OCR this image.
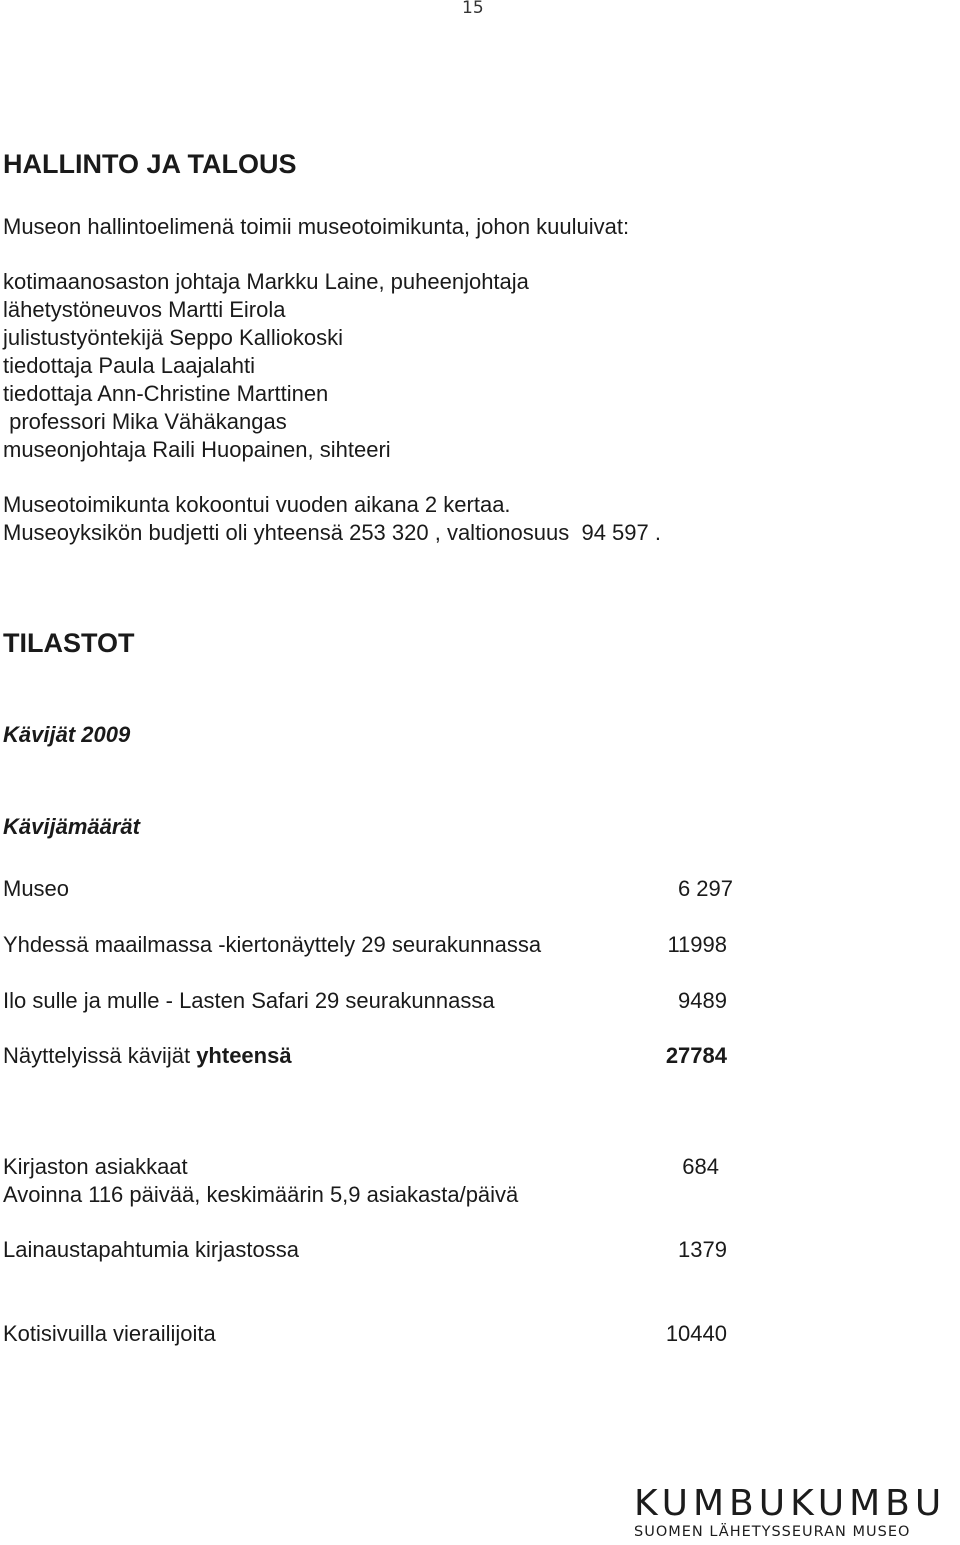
15
HALLINTO JA TALOUS
Museon hallintoelimenä toimii museotoimikunta, johon kuuluivat:
kotimaanosaston johtaja Markku Laine, puheenjohtaja
lähetystöneuvos Martti Eirola
julistustyöntekijä Seppo Kalliokoski
tiedottaja Paula Laajalahti
tiedottaja Ann-Christine Marttinen
professori Mika Vähäkangas
museonjohtaja Raili Huopainen, sihteeri
Museotoimikunta kokoontui vuoden aikana 2 kertaa.
Museoyksikön budjetti oli yhteensä 253 320 , valtionosuus  94 597 .
TILASTOT
Kävijät 2009
Kävijämäärät
Museo	6 297
Yhdessä maailmassa -kiertonäyttely 29 seurakunnassa	11998
Ilo sulle ja mulle - Lasten Safari 29 seurakunnassa	9489
Näyttelyissä kävijät yhteensä	27784
Kirjaston asiakkaat	684
Avoinna 116 päivää, keskimäärin 5,9 asiakasta/päivä
Lainaustapahtumia kirjastossa	1379
Kotisivuilla vierailijoita	10440
KUMBUKUMBU
SUOMEN LÄHETYSSEURAN MUSEO
